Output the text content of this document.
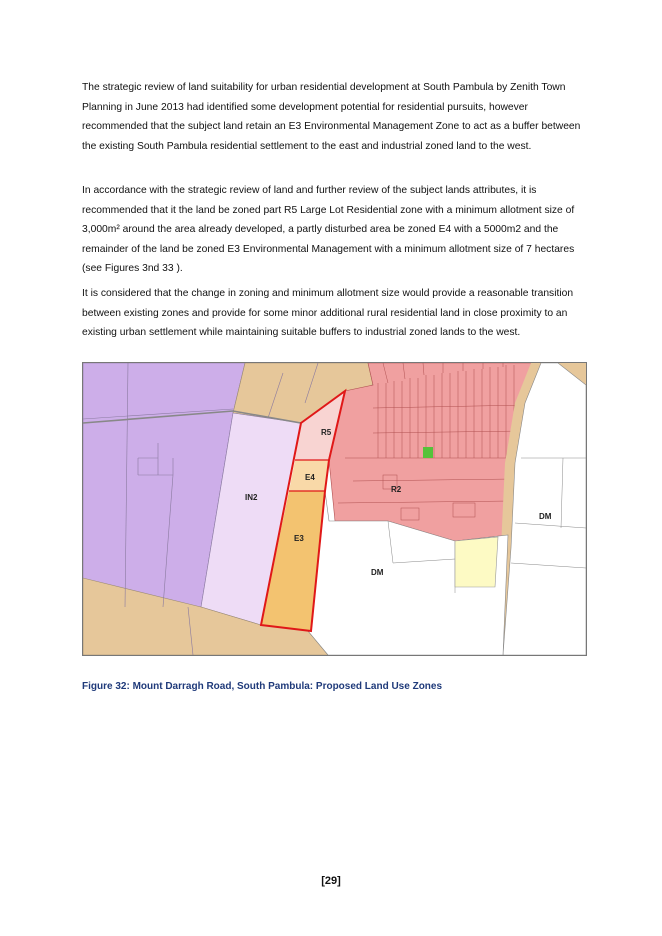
The strategic review of land suitability for urban residential development at South Pambula by Zenith Town Planning in June 2013 had identified some development potential for residential pursuits, however recommended that the subject land retain an E3 Environmental Management Zone to act as a buffer between the existing South Pambula residential settlement to the east and industrial zoned land to the west.

In accordance with the strategic review of land and further review of the subject lands attributes, it is recommended that it the land be zoned part R5 Large Lot Residential zone with a minimum allotment size of 3,000m² around the area already developed, a partly disturbed area be zoned E4 with a 5000m2 and the remainder of the land be zoned E3 Environmental Management with a minimum allotment size of 7 hectares (see Figures 3nd 33 ).

It is considered that the change in zoning and minimum allotment size would provide a reasonable transition between existing zones and provide for some minor additional rural residential land in close proximity to an existing urban settlement while maintaining suitable buffers to industrial zoned lands to the west.

IN2
R5
E4
E3
R2
DM
DM

Figure 32: Mount Darragh Road, South Pambula: Proposed Land Use Zones

[29]
